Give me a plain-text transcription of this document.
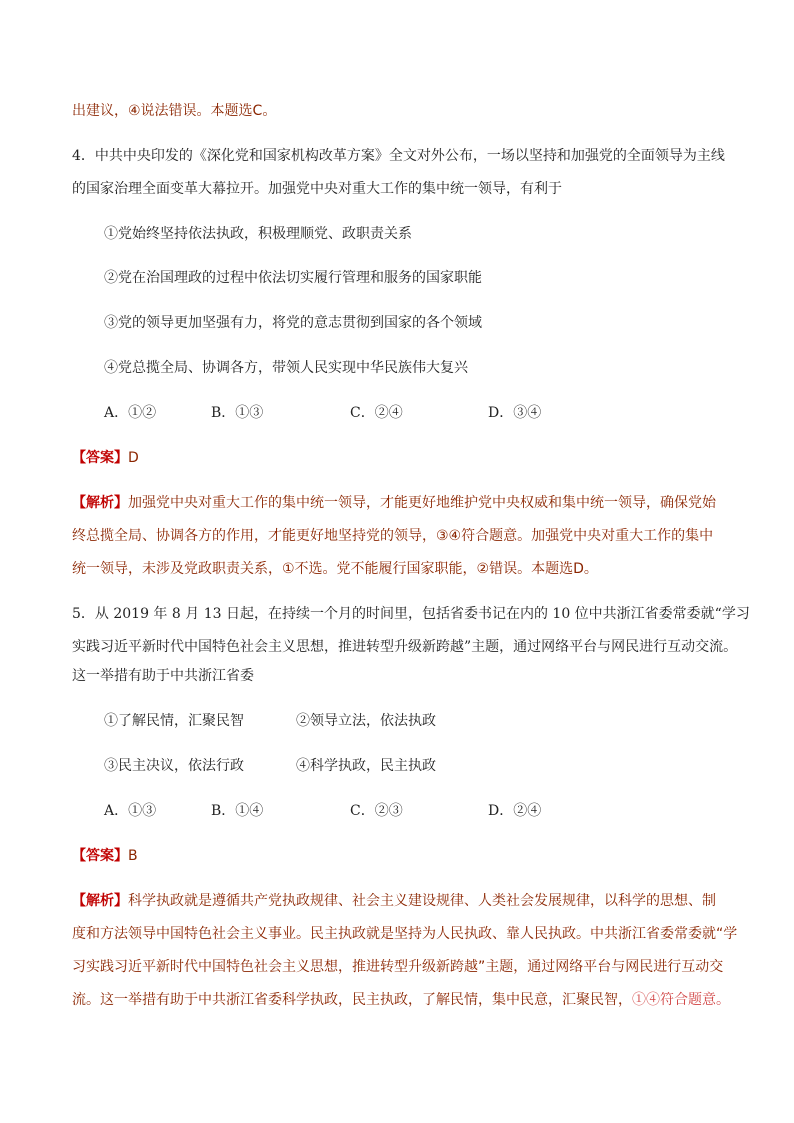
出建议，④说法错误。本题选C。
4．中共中央印发的《深化党和国家机构改革方案》全文对外公布，一场以坚持和加强党的全面领导为主线
的国家治理全面变革大幕拉开。加强党中央对重大工作的集中统一领导，有利于
①党始终坚持依法执政，积极理顺党、政职责关系
②党在治国理政的过程中依法切实履行管理和服务的国家职能
③党的领导更加坚强有力，将党的意志贯彻到国家的各个领域
④党总揽全局、协调各方，带领人民实现中华民族伟大复兴
A．①②	B．①③	C．②④	D．③④
【答案】D
【解析】加强党中央对重大工作的集中统一领导，才能更好地维护党中央权威和集中统一领导，确保党始
终总揽全局、协调各方的作用，才能更好地坚持党的领导，③④符合题意。加强党中央对重大工作的集中
统一领导，未涉及党政职责关系，①不选。党不能履行国家职能，②错误。本题选D。
5．从 2019 年 8 月 13 日起，在持续一个月的时间里，包括省委书记在内的 10 位中共浙江省委常委就“学习
实践习近平新时代中国特色社会主义思想，推进转型升级新跨越”主题，通过网络平台与网民进行互动交流。
这一举措有助于中共浙江省委
①了解民情，汇聚民智	②领导立法，依法执政
③民主决议，依法行政	④科学执政，民主执政
A．①③	B．①④	C．②③	D．②④
【答案】B
【解析】科学执政就是遵循共产党执政规律、社会主义建设规律、人类社会发展规律，以科学的思想、制
度和方法领导中国特色社会主义事业。民主执政就是坚持为人民执政、靠人民执政。中共浙江省委常委就“学
习实践习近平新时代中国特色社会主义思想，推进转型升级新跨越”主题，通过网络平台与网民进行互动交
流。这一举措有助于中共浙江省委科学执政，民主执政，了解民情，集中民意，汇聚民智，①④符合题意。
